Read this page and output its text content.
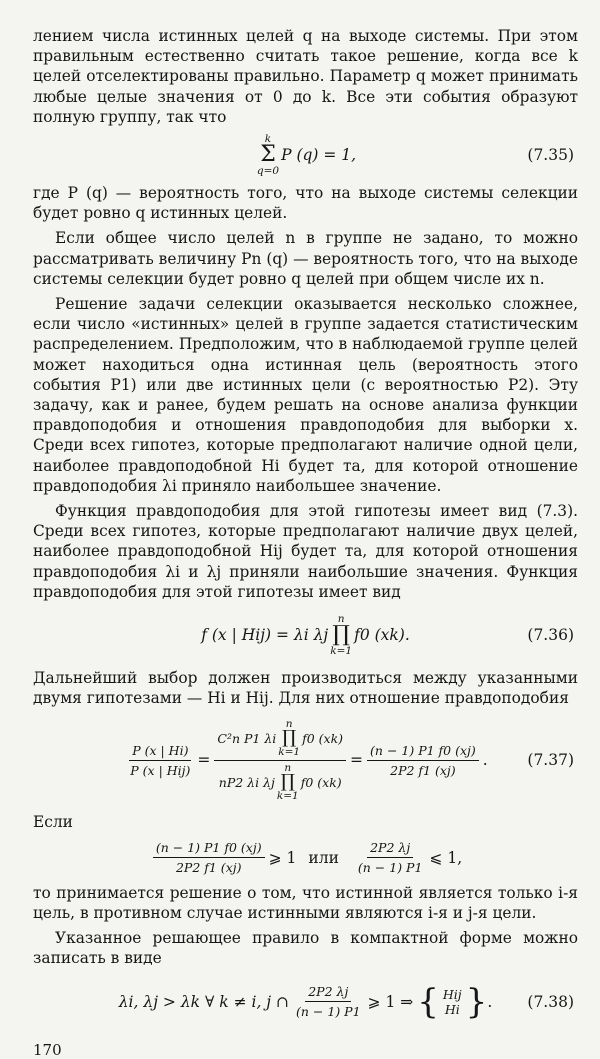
лением числа истинных целей q на выходе системы. При этом правильным естественно считать такое решение, когда все k целей отселектированы правильно. Параметр q может принимать любые целые значения от 0 до k. Все эти события образуют полную группу, так что

k
Σ
q=0
P (q) = 1,	(7.35)

где P (q) — вероятность того, что на выходе системы селекции будет ровно q истинных целей.

Если общее число целей n в группе не задано, то можно рассматривать величину Pn (q) — вероятность того, что на выходе системы селекции будет ровно q целей при общем числе их n.

Решение задачи селекции оказывается несколько сложнее, если число «истинных» целей в группе задается статистическим распределением. Предположим, что в наблюдаемой группе целей может находиться одна истинная цель (вероятность этого события P1) или две истинных цели (с вероятностью P2). Эту задачу, как и ранее, будем решать на основе анализа функции правдоподобия и отношения правдоподобия для выборки x. Среди всех гипотез, которые предполагают наличие одной цели, наиболее правдоподобной Hi будет та, для которой отношение правдоподобия λi приняло наибольшее значение.

Функция правдоподобия для этой гипотезы имеет вид (7.3). Среди всех гипотез, которые предполагают наличие двух целей, наиболее правдоподобной Hij будет та, для которой отношения правдоподобия λi и λj приняли наибольшие значения. Функция правдоподобия для этой гипотезы имеет вид

f (x | Hij) = λi λj
n
∏
k=1
f0 (xk).	(7.36)

Дальнейший выбор должен производиться между указанными двумя гипотезами — Hi и Hij. Для них отношение правдоподобия

$\frac{P (x | Hi)}{\text{P (x | Hij)}}$ =
C²n P1 λi
n
∏
k=1
f0 (xk)
nP2 λi λj
n
∏
k=1
f0 (xk)
= $\frac{(n - 1) P1 f0 (xj)}{2P2 f1 (xj)}$ .	(7.37)

Если

$\frac{(n - 1) P1 f0 (xj)}{2P2 f1 (xj)}$ ⩾ 1 или $\frac{2P2 \lambda j}{(n - 1) P1}$ ⩽ 1,

то принимается решение о том, что истинной является только i-я цель, в противном случае истинными являются i-я и j-я цели.

Указанное решающее правило в компактной форме можно записать в виде

λi, λj > λk ∀ k ≠ i, j ∩ $\frac{2P2 \lambda j}{(n - 1) P1}$ ⩾ 1 ⇒ { Hij
Hi } . (7.38)
170
